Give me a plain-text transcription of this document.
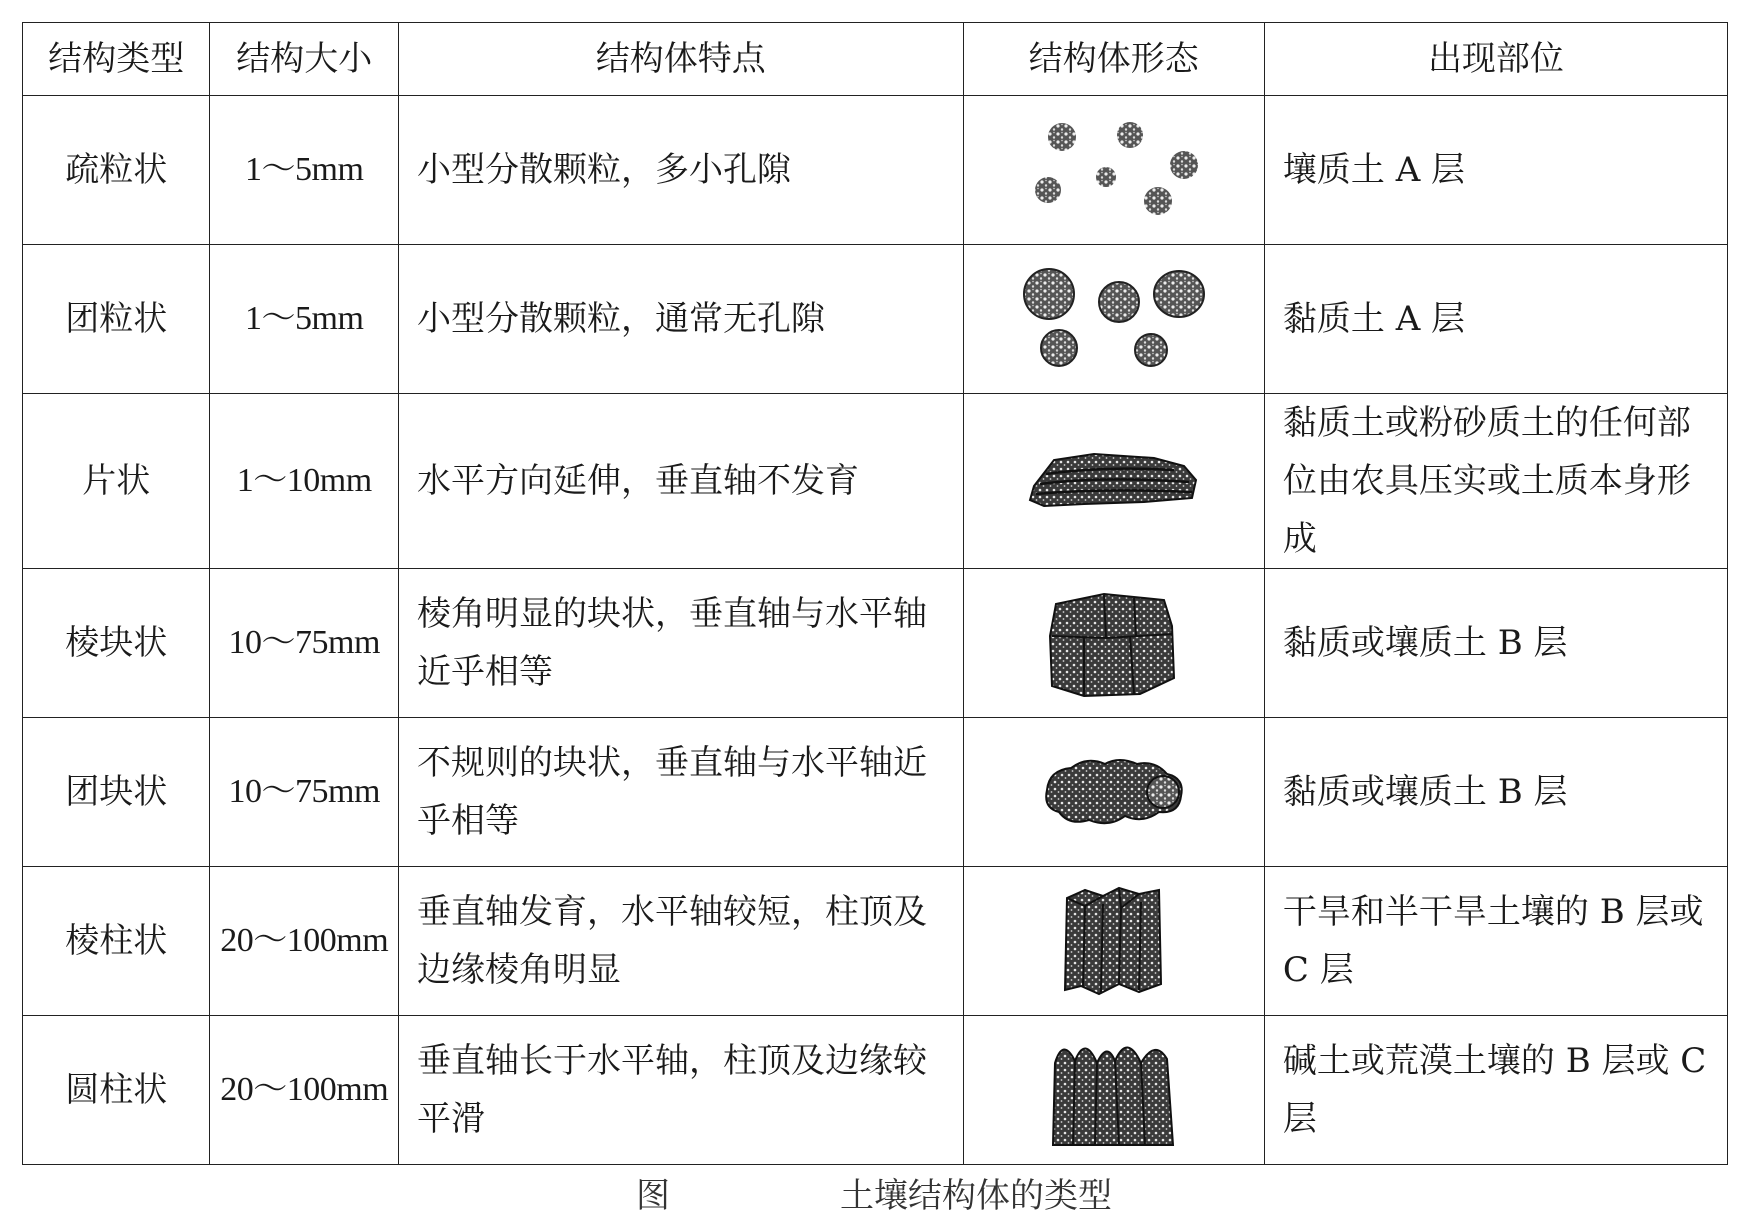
结构类型	结构大小	结构体特点	结构体形态	出现部位
疏粒状	1～5mm	小型分散颗粒，多小孔隙		壤质土 A 层
团粒状	1～5mm	小型分散颗粒，通常无孔隙		黏质土 A 层
片状	1～10mm	水平方向延伸，垂直轴不发育		黏质土或粉砂质土的任何部位由农具压实或土质本身形成
棱块状	10～75mm	棱角明显的块状，垂直轴与水平轴近乎相等		黏质或壤质土 B 层
团块状	10～75mm	不规则的块状，垂直轴与水平轴近乎相等		黏质或壤质土 B 层
棱柱状	20～100mm	垂直轴发育，水平轴较短，柱顶及边缘棱角明显		干旱和半干旱土壤的 B 层或 C 层
圆柱状	20～100mm	垂直轴长于水平轴，柱顶及边缘较平滑		碱土或荒漠土壤的 B 层或 C 层
图　　　　　土壤结构体的类型
